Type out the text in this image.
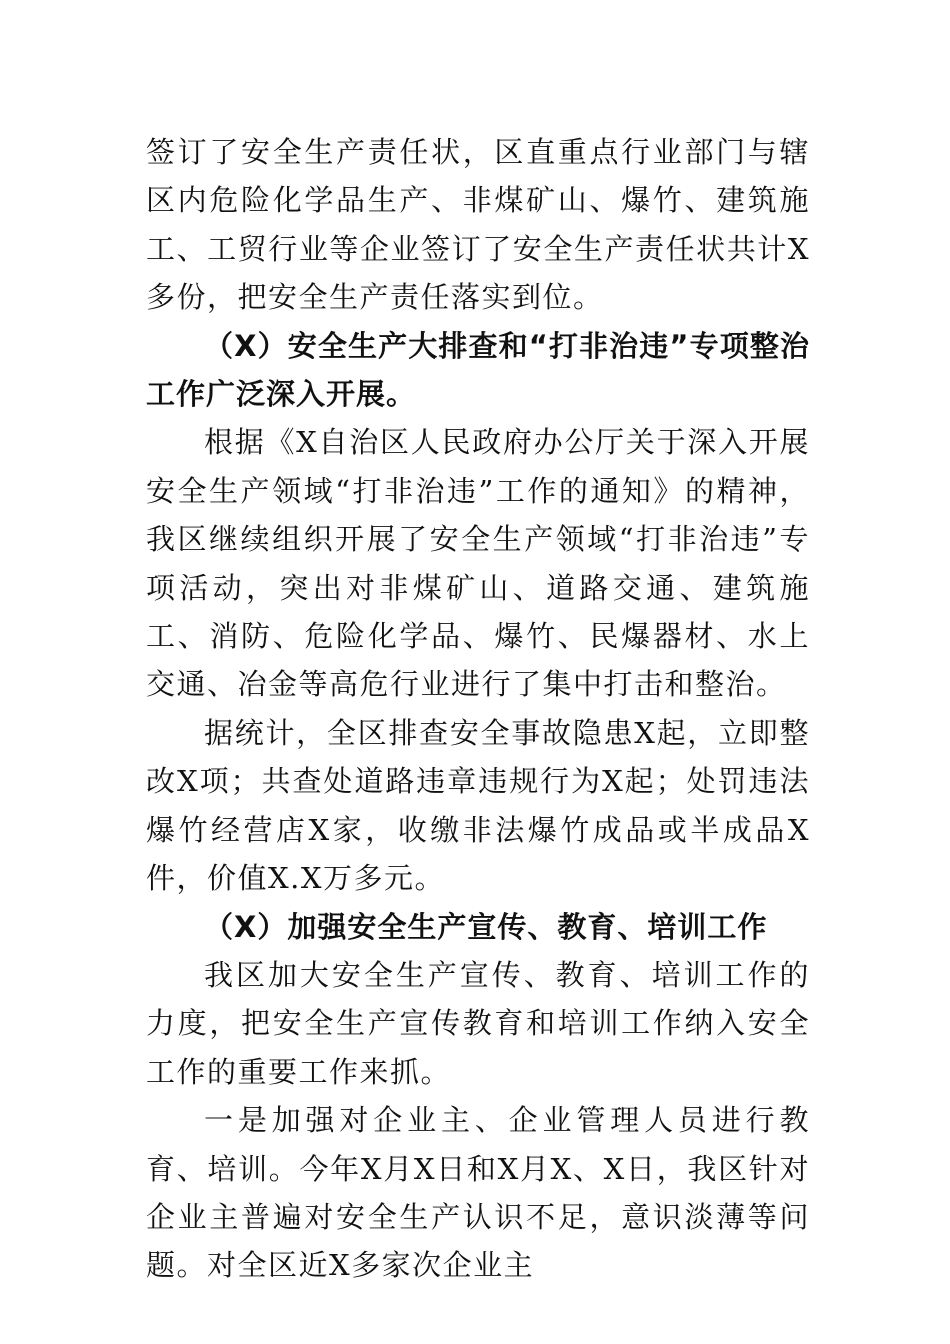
签订了安全生产责任状，区直重点行业部门与辖区内危险化学品生产、非煤矿山、爆竹、建筑施工、工贸行业等企业签订了安全生产责任状共计X多份，把安全生产责任落实到位。

（X）安全生产大排查和“打非治违”专项整治工作广泛深入开展。

根据《X自治区人民政府办公厅关于深入开展安全生产领域“打非治违”工作的通知》的精神，我区继续组织开展了安全生产领域“打非治违”专项活动，突出对非煤矿山、道路交通、建筑施工、消防、危险化学品、爆竹、民爆器材、水上交通、冶金等高危行业进行了集中打击和整治。

据统计，全区排查安全事故隐患X起，立即整改X项；共查处道路违章违规行为X起；处罚违法爆竹经营店X家，收缴非法爆竹成品或半成品X件，价值X.X万多元。

（X）加强安全生产宣传、教育、培训工作

我区加大安全生产宣传、教育、培训工作的力度，把安全生产宣传教育和培训工作纳入安全工作的重要工作来抓。

一是加强对企业主、企业管理人员进行教育、培训。今年X月X日和X月X、X日，我区针对企业主普遍对安全生产认识不足，意识淡薄等问题。对全区近X多家次企业主
